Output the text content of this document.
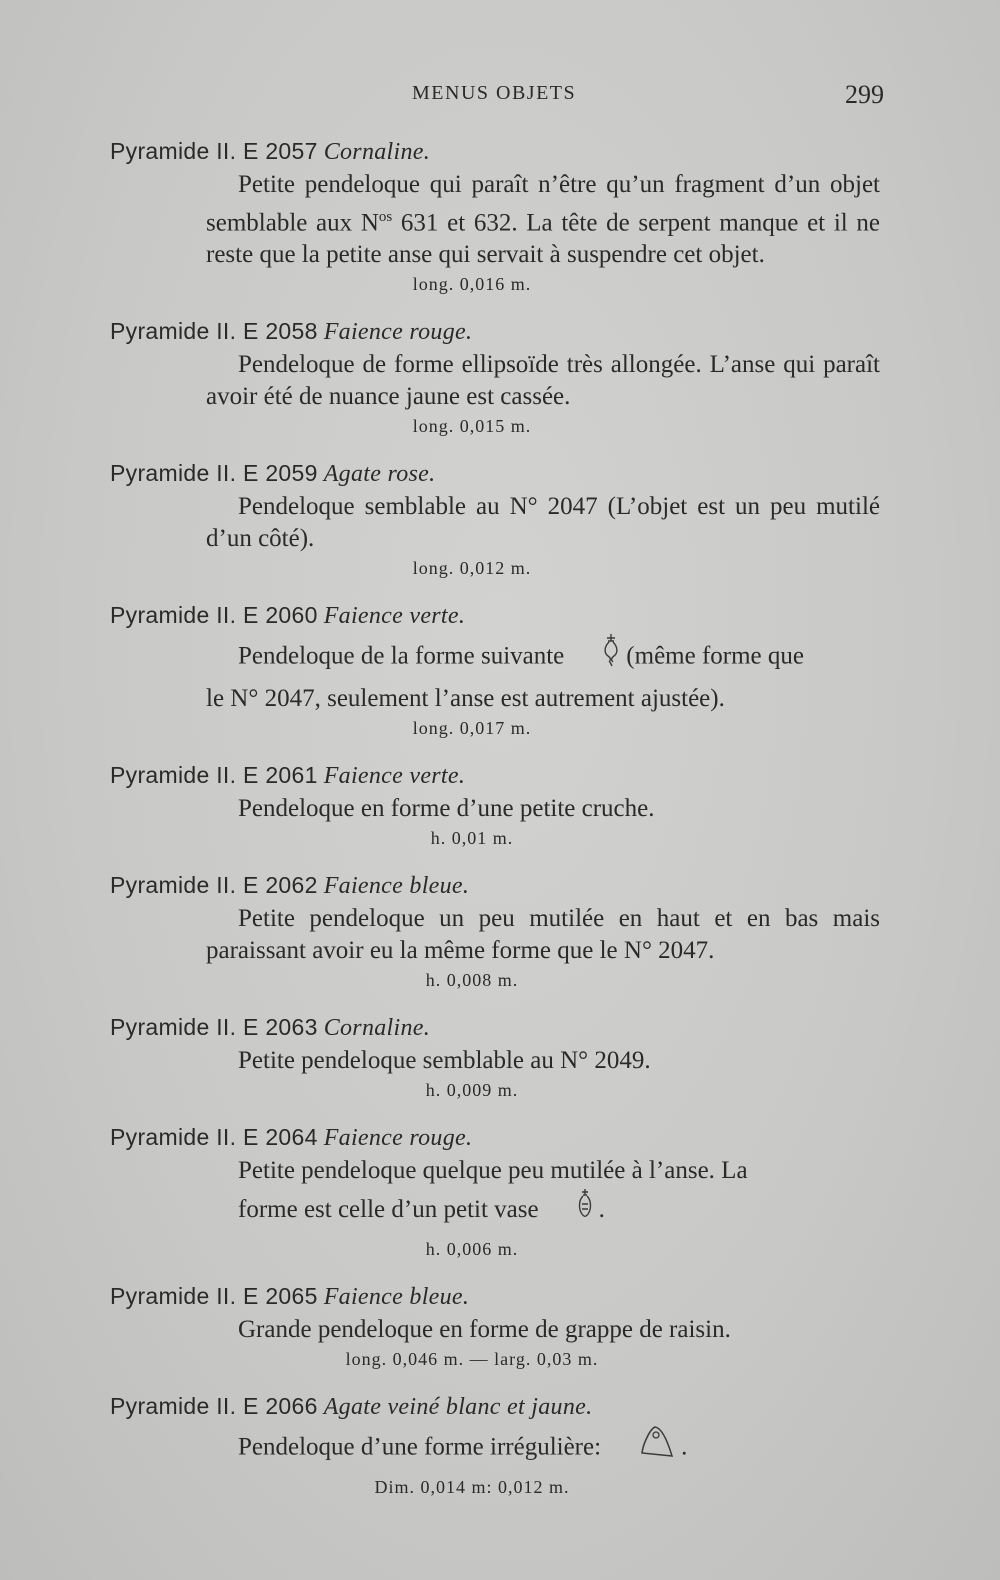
MENUS OBJETS	299
Pyramide II. E 2057 Cornaline.
Petite pendeloque qui paraît n’être qu’un fragment d’un objet semblable aux $N^{os}$ 631 et 632. La tête de serpent manque et il ne reste que la petite anse qui servait à suspendre cet objet.
long. 0,016 m.
Pyramide II. E 2058 Faience rouge.
Pendeloque de forme ellipsoïde très allongée. L’anse qui paraît avoir été de nuance jaune est cassée.
long. 0,015 m.
Pyramide II. E 2059 Agate rose.
Pendeloque semblable au N° 2047 (L’objet est un peu mutilé d’un côté).
long. 0,012 m.
Pyramide II. E 2060 Faience verte.
Pendeloque de la forme suivante (même forme que
le N° 2047, seulement l’anse est autrement ajustée).
long. 0,017 m.
Pyramide II. E 2061 Faience verte.
Pendeloque en forme d’une petite cruche.
h. 0,01 m.
Pyramide II. E 2062 Faience bleue.
Petite pendeloque un peu mutilée en haut et en bas mais paraissant avoir eu la même forme que le N° 2047.
h. 0,008 m.
Pyramide II. E 2063 Cornaline.
Petite pendeloque semblable au N° 2049.
h. 0,009 m.
Pyramide II. E 2064 Faience rouge.
Petite pendeloque quelque peu mutilée à l’anse. La
forme est celle d’un petit vase .
h. 0,006 m.
Pyramide II. E 2065 Faience bleue.
Grande pendeloque en forme de grappe de raisin.
long. 0,046 m. — larg. 0,03 m.
Pyramide II. E 2066 Agate veiné blanc et jaune.
Pendeloque d’une forme irrégulière:	.
Dim. 0,014 m: 0,012 m.
